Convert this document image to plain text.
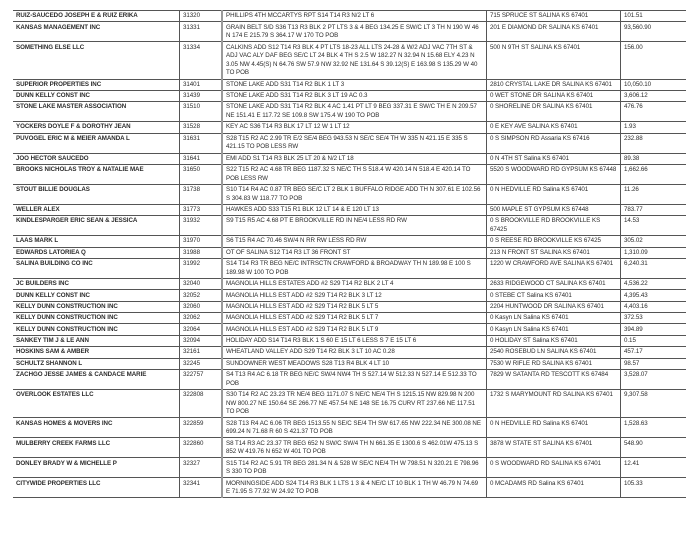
RUIZ-SAUCEDO JOSEPH E & RUIZ ERIKA	31320	PHILLIPS 4TH MCCARTYS RPT S14 T14 R3 N/2 LT 6	715 SPRUCE ST SALINA KS 67401	101.51
KANSAS MANAGEMENT INC	31331	GRAIN BELT S/D S36 T13 R3 BLK 2 PT LTS 3 & 4 BEG 134.25 E SW/C LT 3 TH N 190 W 46 N 174 E 215.79 S 364.17 W 170 TO POB	201 E DIAMOND DR SALINA KS 67401	93,560.90
SOMETHING ELSE LLC	31334	CALKINS ADD S12 T14 R3 BLK 4 PT LTS 18-23 ALL LTS 24-28 & W/2 ADJ VAC 7TH ST & ADJ VAC ALY DAF BEG SE/C LT 24 BLK 4 TH S 2.5 W 182.27 N 32.94 N 15.68 ELY 4.23 N 3.05 NW 4.45(S) N 64.76 SW 57.9 NW 32.92 NE 131.64 S 39.12(S) E 163.98 S 135.29 W 40 TO POB	500 N 9TH ST SALINA KS 67401	156.00
SUPERIOR PROPERTIES INC	31401	STONE LAKE ADD S31 T14 R2 BLK 1 LT 3	2810 CRYSTAL LAKE DR SALINA KS 67401	10,050.10
DUNN KELLY CONST INC	31439	STONE LAKE ADD S31 T14 R2 BLK 3 LT 19 AC 0.3	0 WET STONE DR SALINA KS 67401	3,606.12
STONE LAKE MASTER ASSOCIATION	31510	STONE LAKE ADD S31 T14 R2 BLK 4 AC 1.41 PT LT 9 BEG 337.31 E SW/C TH E N 209.57 NE 151.41 E 117.72 SE 109.8 SW 175.4 W 190 TO POB	0 SHORELINE DR SALINA KS 67401	476.76
YOCKERS DOYLE F & DOROTHY JEAN	31528	KEY AC S36 T14 R3 BLK 17 LT 12 W 1 LT 12	0 E KEY AVE SALINA KS 67401	1.93
PUVOGEL ERIC M & MEIER AMANDA L	31631	S28 T15 R2 AC 2.99 TR E/2 SE/4 BEG 943.53 N SE/C SE/4 TH W 335 N 421.15 E 335 S 421.15 TO POB LESS RW	0 S SIMPSON RD Assaria KS 67416	232.88
JOO HECTOR SAUCEDO	31641	EMI ADD S1 T14 R3 BLK 25 LT 20 & N/2 LT 18	0 N 4TH ST Salina KS 67401	89.38
BROOKS NICHOLAS TROY & NATALIE MAE	31650	S22 T15 R2 AC 4.68 TR BEG 1187.32 S NE/C TH S 518.4 W 420.14 N 518.4 E 420.14 TO POB LESS RW	5520 S WOODWARD RD GYPSUM KS 67448	1,662.66
STOUT BILLIE DOUGLAS	31738	S10 T14 R4 AC 0.87 TR BEG SE/C LT 2 BLK 1 BUFFALO RIDGE ADD TH N 307.61 E 102.56 S 304.83 W 118.77 TO POB	0 N HEDVILLE RD Salina KS 67401	11.26
WELLER ALEX	31773	HAWKES ADD S33 T15 R1 BLK 12 LT 14 & E 120 LT 13	500 MAPLE ST GYPSUM KS 67448	783.77
KINDLESPARGER ERIC SEAN & JESSICA	31932	S9 T15 R5 AC 4.68 PT E BROOKVILLE RD IN NE/4 LESS RD RW	0 S BROOKVILLE RD BROOKVILLE KS 67425	14.53
LAAS MARK L	31970	S6 T15 R4 AC 70.46 SW/4 N RR RW LESS RD RW	0 S REESE RD BROOKVILLE KS 67425	305.02
EDWARDS LATORIEA Q	31988	OT OF SALINA S12 T14 R3 LT 36 FRONT ST	213 N FRONT ST SALINA KS 67401	1,310.09
SALINA BUILDING CO INC	31992	S14 T14 R3 TR BEG NE/C INTRSCTN CRAWFORD & BROADWAY TH N 189.98 E 100 S 189.98 W 100 TO POB	1220 W CRAWFORD AVE SALINA KS 67401	6,240.31
JC BUILDERS INC	32040	MAGNOLIA HILLS ESTATES ADD #2 S29 T14 R2 BLK 2 LT 4	2633 RIDGEWOOD CT SALINA KS 67401	4,536.22
DUNN KELLY CONST INC	32052	MAGNOLIA HILLS EST ADD #2 S29 T14 R2 BLK 3 LT 12	0 STEBE CT Salina KS 67401	4,395.43
KELLY DUNN CONSTRUCTION INC	32060	MAGNOLIA HILLS EST ADD #2 S29 T14 R2 BLK 5 LT 5	2204 HUNTWOOD DR SALINA KS 67401	4,403.16
KELLY DUNN CONSTRUCTION INC	32062	MAGNOLIA HILLS EST ADD #2 S29 T14 R2 BLK 5 LT 7	0 Kasyn LN Salina KS 67401	372.53
KELLY DUNN CONSTRUCTION INC	32064	MAGNOLIA HILLS EST ADD #2 S29 T14 R2 BLK 5 LT 9	0 Kasyn LN Salina KS 67401	394.89
SANKEY TIM J & LE ANN	32094	HOLIDAY ADD S14 T14 R3 BLK 1 S 60 E 15 LT 6 LESS S 7 E 15 LT 6	0 HOLIDAY ST Salina KS 67401	0.15
HOSKINS SAM & AMBER	32161	WHEATLAND VALLEY ADD S29 T14 R2 BLK 3 LT 10 AC 0.28	2540 ROSEBUD LN SALINA KS 67401	457.17
SCHULTZ SHANNON L	32245	SUNDOWNER WEST MEADOWS S28 T13 R4 BLK 4 LT 10	7530 W RIFLE RD SALINA KS 67401	98.57
ZACHGO JESSE JAMES & CANDACE MARIE	322757	S4 T13 R4 AC 6.18 TR BEG NE/C SW/4 NW4 TH S 527.14 W 512.33 N 527.14 E 512.33 TO POB	7829 W SATANTA RD TESCOTT KS 67484	3,528.07
OVERLOOK ESTATES LLC	322808	S30 T14 R2 AC 23.23 TR NE/4 BEG 1171.07 S NE/C NE/4 TH S 1215.15 NW 829.98 N 200 NW 800.27 NE 150.64 SE 266.77 NE 457.54 NE 148 SE 16.75 CURV RT 237.66 NE 117.51 TO POB	1732 S MARYMOUNT RD SALINA KS 67401	9,307.58
KANSAS HOMES & MOVERS INC	322859	S28 T13 R4 AC 6.06 TR BEG 1513.55 N SE/C SE/4 TH SW 617.65 NW 222.34 NE 300.08 NE 699.24 N 71.68 R 60 S 421.37 TO POB	0 N HEDVILLE RD Salina KS 67401	1,528.63
MULBERRY CREEK FARMS LLC	322860	S8 T14 R3 AC 23.37 TR BEG 652 N SW/C SW/4 TH N 661.35 E 1300.6 S 462.01W 475.13 S 852 W 419.76 N 652 W 401 TO POB	3878 W STATE ST SALINA KS 67401	548.90
DONLEY BRADY W & MICHELLE P	32327	S15 T14 R2 AC 5.91 TR BEG 281.34 N & 528 W SE/C NE/4 TH W 798.51 N 320.21 E 798.96 S 330 TO POB	0 S WOODWARD RD SALINA KS 67401	12.41
CITYWIDE PROPERTIES LLC	32341	MORNINGSIDE ADD S24 T14 R3 BLK 1 LTS 1 3 & 4 NE/C LT 10 BLK 1 TH W 46.79 N 74.69 E 71.95 S 77.92 W 24.92 TO POB	0 MCADAMS RD Salina KS 67401	105.33
